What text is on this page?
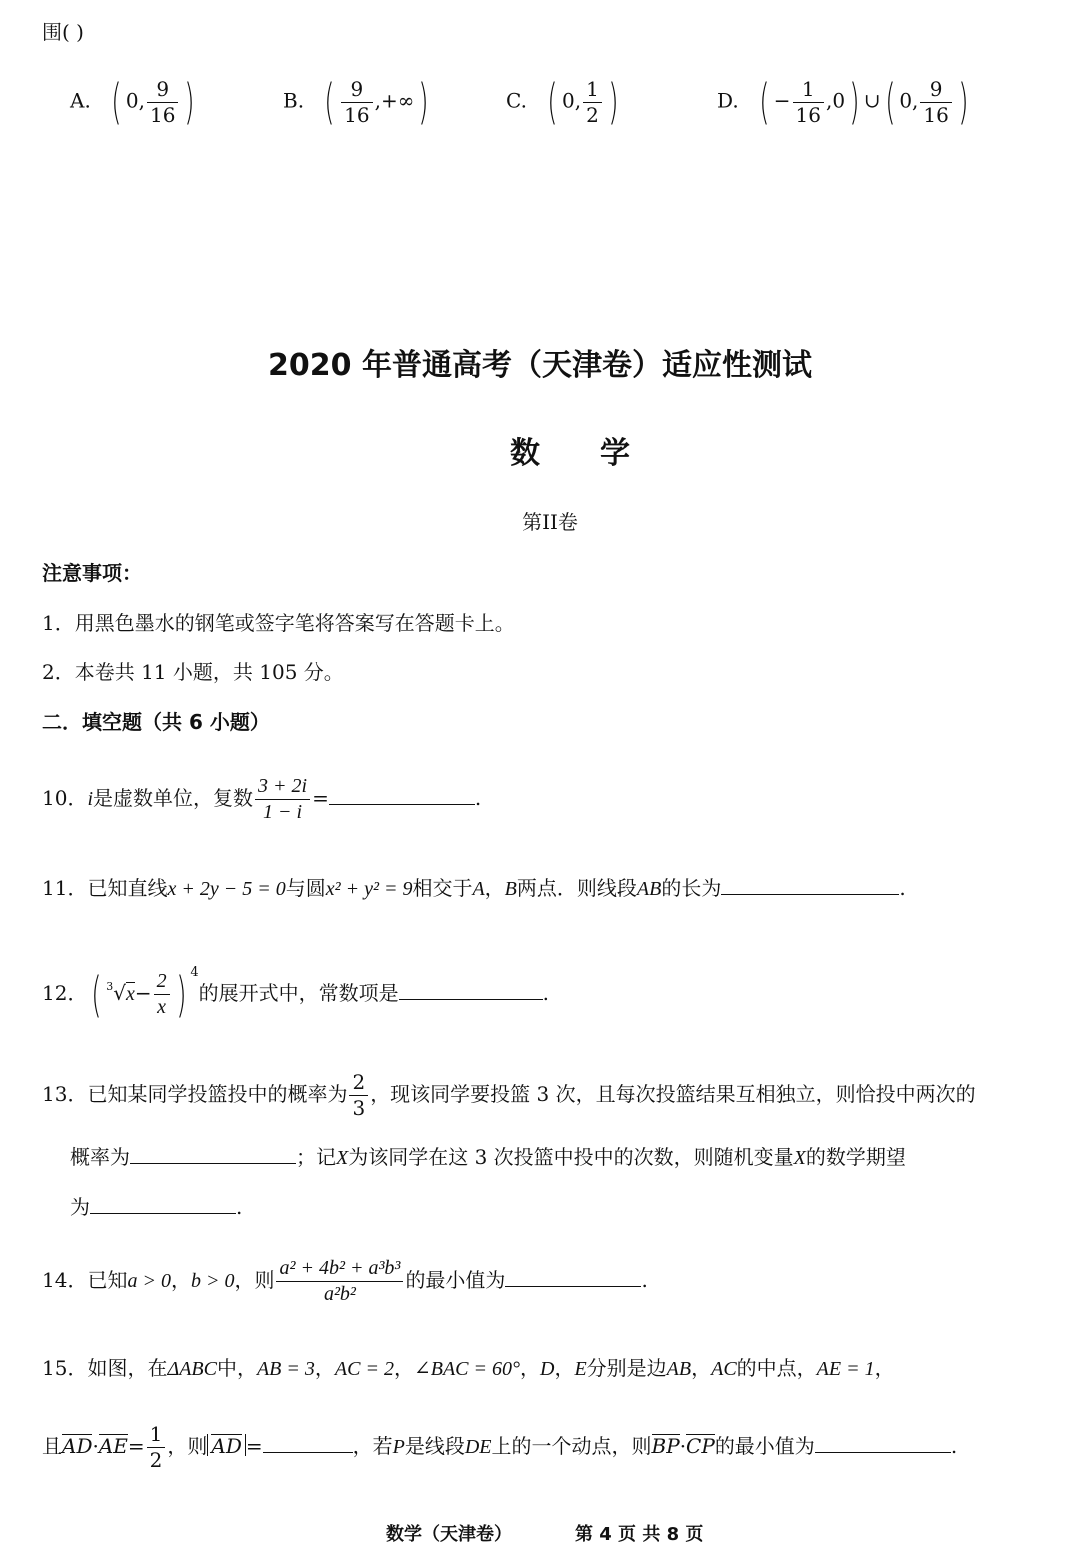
围( )
A. ( 0, $\frac{9}{16}$ )	B. ( $\frac{9}{16}$ ,+∞)	C. ( 0, $\frac{1}{2}$ )	D. ( − $\frac{1}{16} ,0$) ∪( 0, $\frac{9}{16}$ )
2020 年普通高考（天津卷）适应性测试
数学
第II卷
注意事项：
1．用黑色墨水的钢笔或签字笔将答案写在答题卡上。
2．本卷共 11 小题，共 105 分。
二．填空题（共 6 小题）
10．i是虚数单位，复数 $\frac{3 + 2i}{1 - i}$ =	.
11．已知直线x + 2y − 5 = 0与圆x² + y² = 9相交于A，B两点．则线段AB的长为	.
12．( $^3√x- \frac{2}{x}$ ) $^4$的展开式中，常数项是	.
13．已知某同学投篮投中的概率为 $\frac{2}{3}$ ，现该同学要投篮 3 次，且每次投篮结果互相独立，则恰投中两次的
概率为	；记X为该同学在这 3 次投篮中投中的次数，则随机变量X的数学期望
为	.
14．已知a > 0，b > 0，则 $\frac{\text{a² + 4b² + a³b³}}{\text{a²b²}}$ 的最小值为	.
15．如图，在ΔABC中，AB = 3，AC = 2，∠BAC = 60°，D，E分别是边AB，AC的中点，AE = 1，
且$AD\cdot AE= \frac{1}{2}$ ，则 AD =	，若P是线段DE上的一个动点，则BP·CP的最小值为	.
数学（天津卷）	第 4 页 共 8 页
